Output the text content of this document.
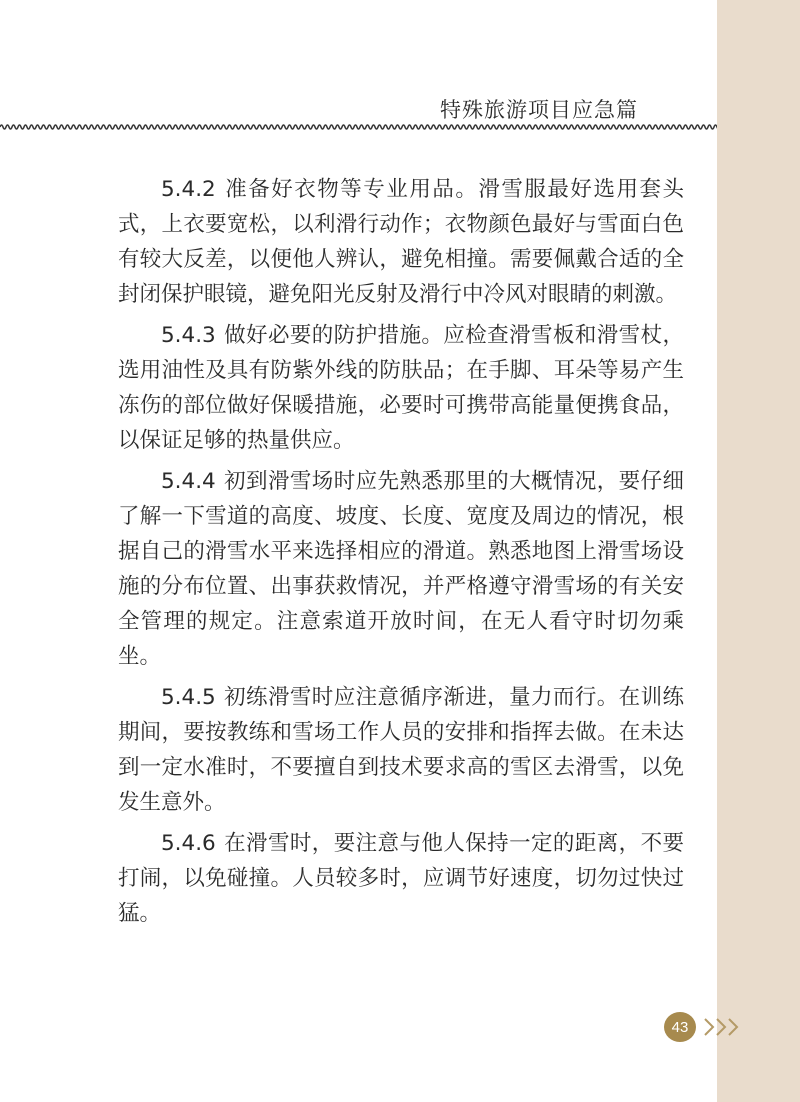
特殊旅游项目应急篇

5.4.2 准备好衣物等专业用品。滑雪服最好选用套头式，上衣要宽松，以利滑行动作；衣物颜色最好与雪面白色有较大反差，以便他人辨认，避免相撞。需要佩戴合适的全封闭保护眼镜，避免阳光反射及滑行中冷风对眼睛的刺激。

5.4.3 做好必要的防护措施。应检查滑雪板和滑雪杖，选用油性及具有防紫外线的防肤品；在手脚、耳朵等易产生冻伤的部位做好保暖措施，必要时可携带高能量便携食品，以保证足够的热量供应。

5.4.4 初到滑雪场时应先熟悉那里的大概情况，要仔细了解一下雪道的高度、坡度、长度、宽度及周边的情况，根据自己的滑雪水平来选择相应的滑道。熟悉地图上滑雪场设施的分布位置、出事获救情况，并严格遵守滑雪场的有关安全管理的规定。注意索道开放时间，在无人看守时切勿乘坐。

5.4.5 初练滑雪时应注意循序渐进，量力而行。在训练期间，要按教练和雪场工作人员的安排和指挥去做。在未达到一定水准时，不要擅自到技术要求高的雪区去滑雪，以免发生意外。

5.4.6 在滑雪时，要注意与他人保持一定的距离，不要打闹，以免碰撞。人员较多时，应调节好速度，切勿过快过猛。

43
